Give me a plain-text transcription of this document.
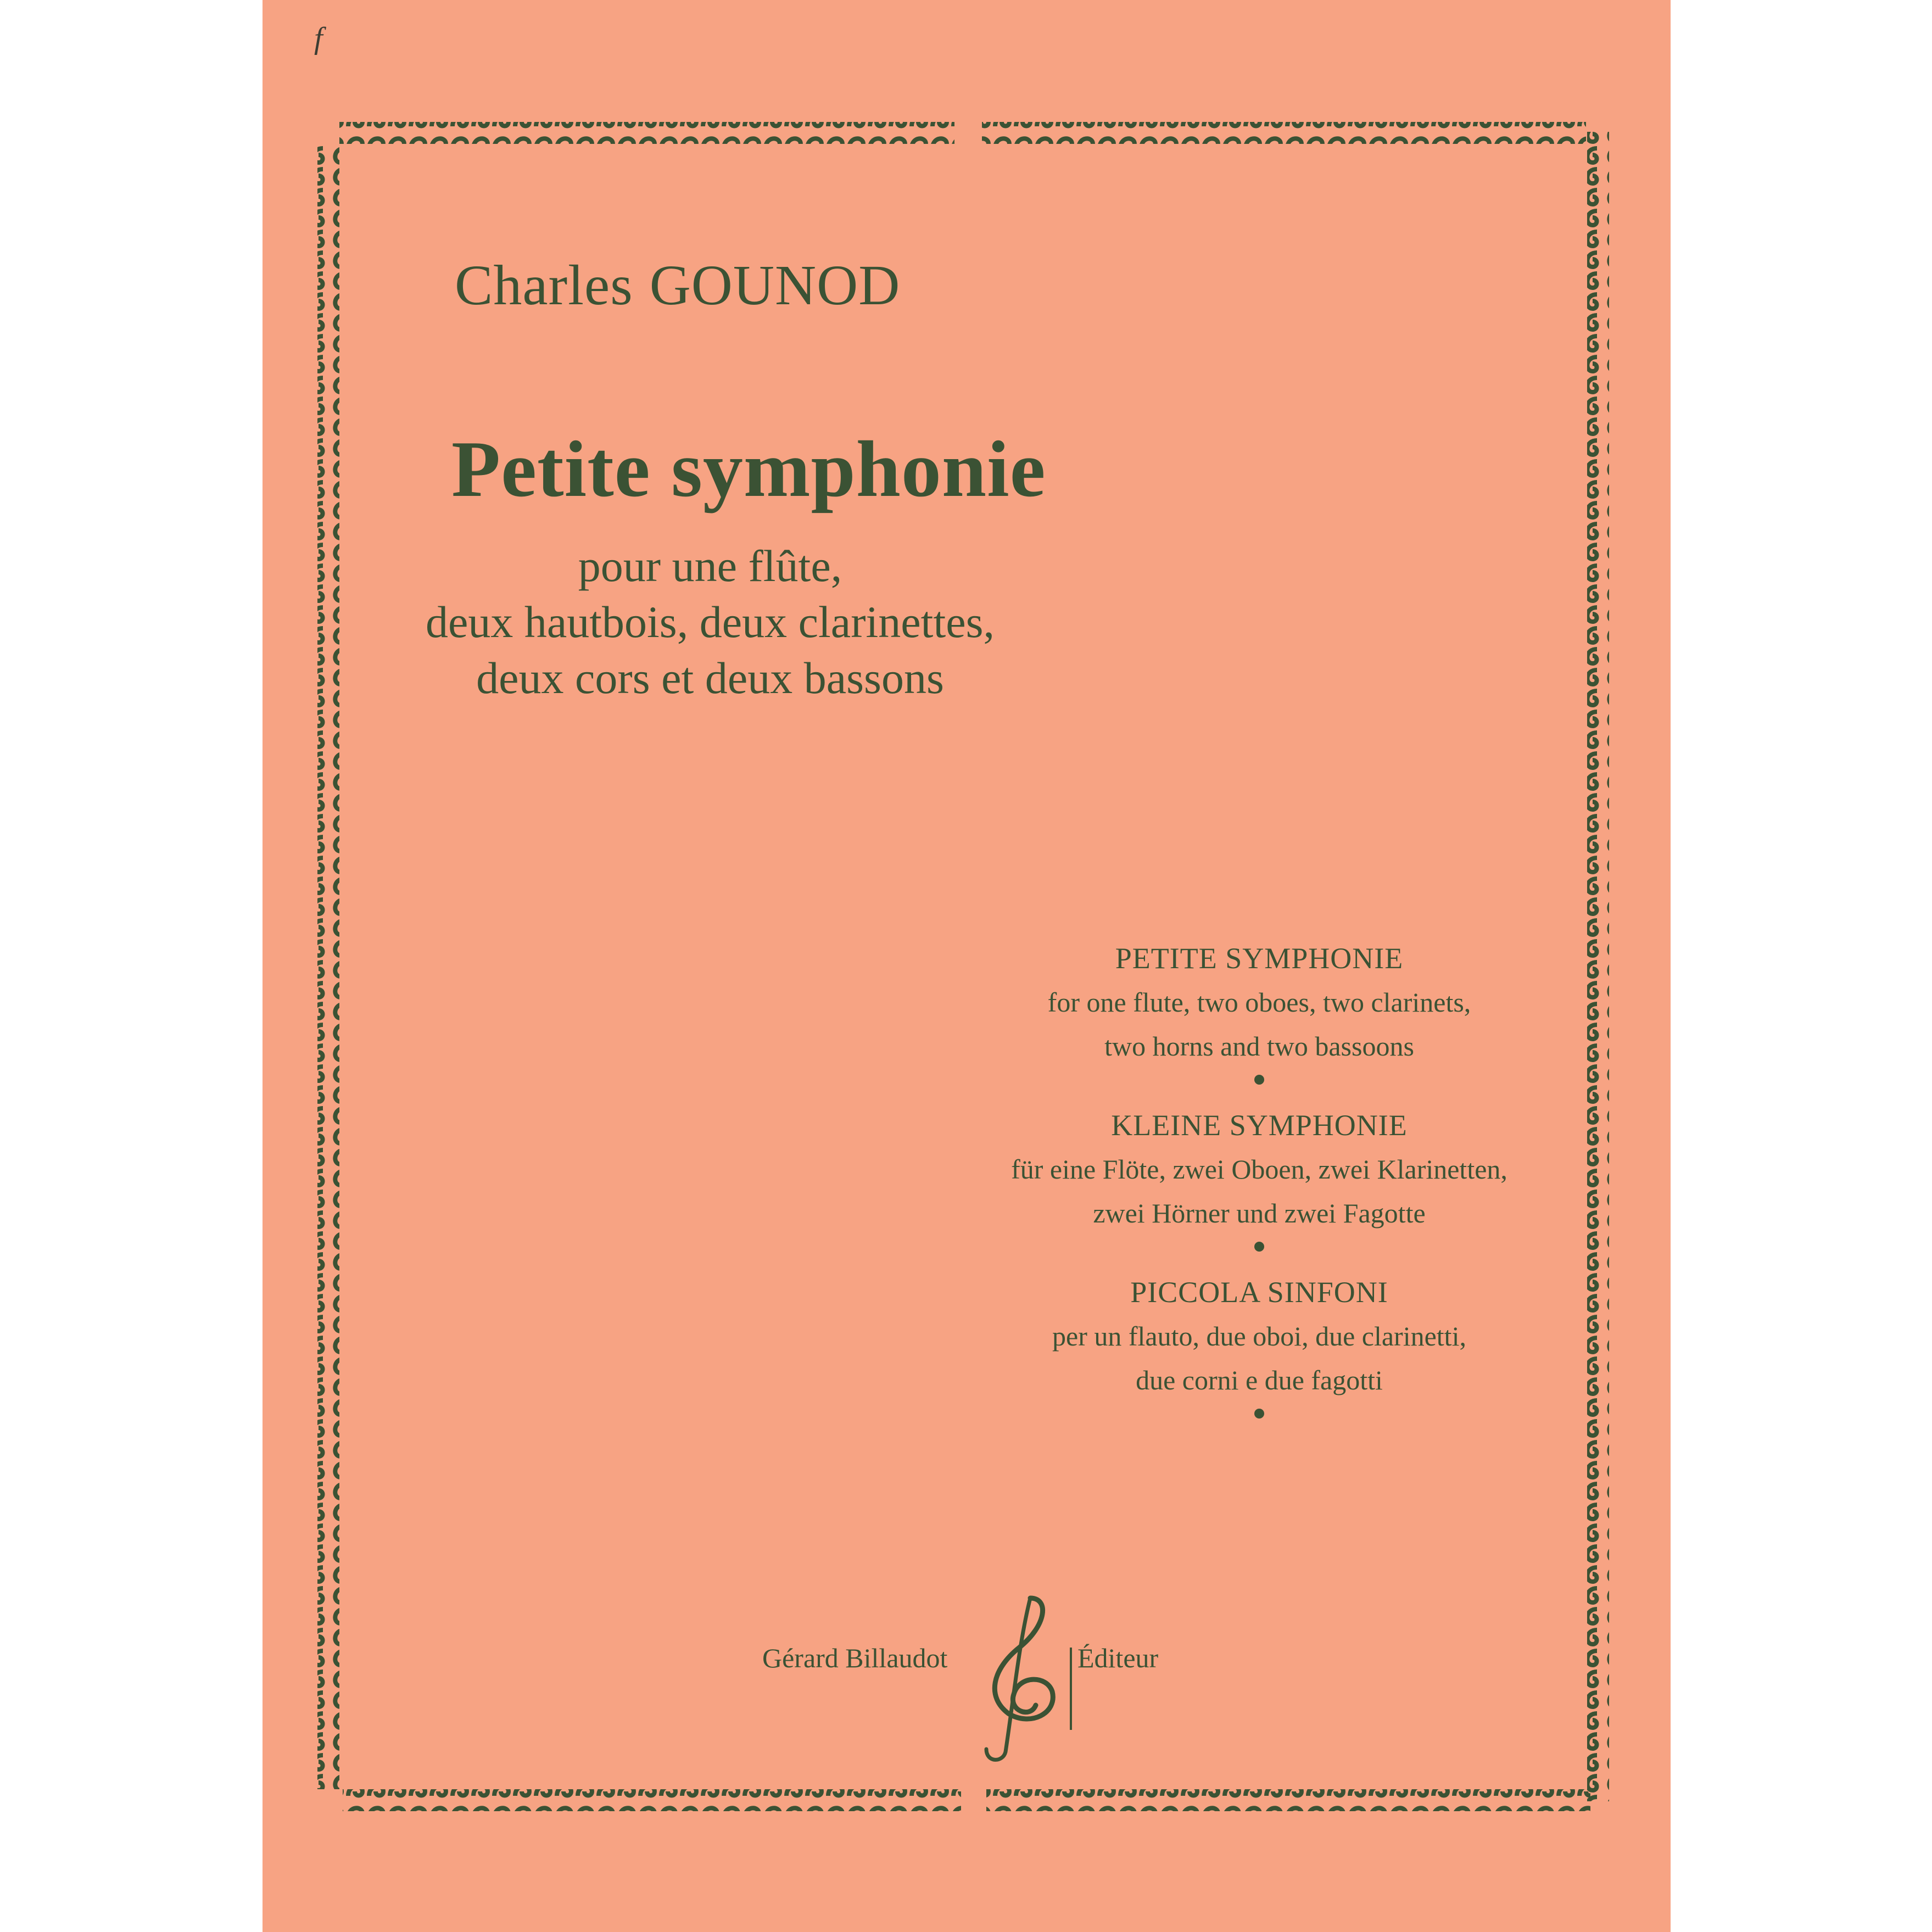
f
Charles GOUNOD
Petite symphonie
pour une flûte,
deux hautbois, deux clarinettes,
deux cors et deux bassons
PETITE SYMPHONIE
for one flute, two oboes, two clarinets,
two horns and two bassoons
KLEINE SYMPHONIE
für eine Flöte, zwei Oboen, zwei Klarinetten,
zwei Hörner und zwei Fagotte
PICCOLA SINFONI
per un flauto, due oboi, due clarinetti,
due corni e due fagotti
Gérard Billaudot	Éditeur
